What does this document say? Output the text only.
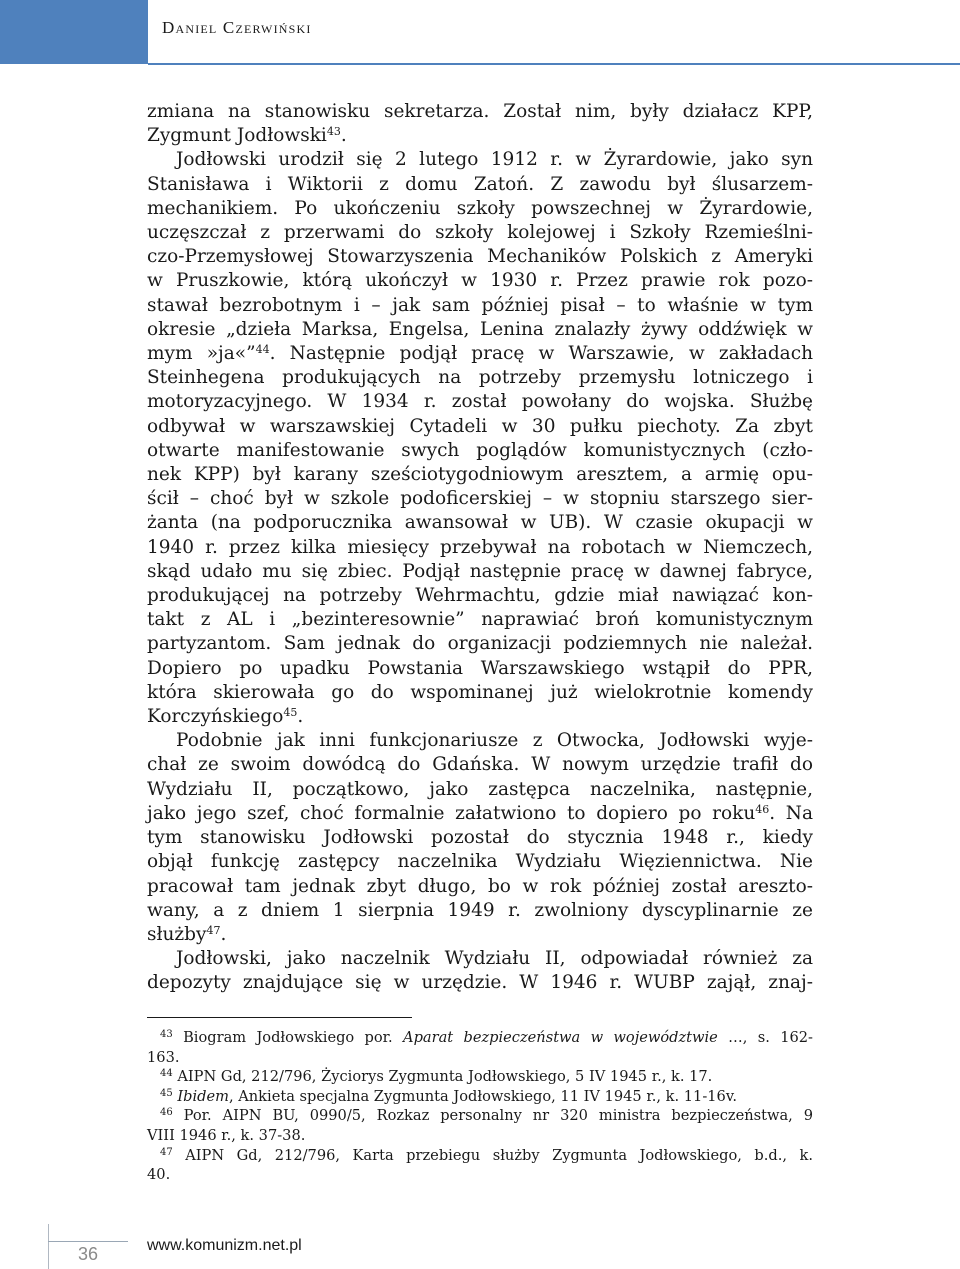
Daniel Czerwiński

zmiana na stanowisku sekretarza. Został nim, były działacz KPP,
Zygmunt Jodłowski$^{43}$.

Jodłowski urodził się 2 lutego 1912 r. w Żyrardowie, jako syn
Stanisława i Wiktorii z domu Zatoń. Z zawodu był ślusarzem-
mechanikiem. Po ukończeniu szkoły powszechnej w Żyrardowie,
uczęszczał z przerwami do szkoły kolejowej i Szkoły Rzemieślni-
czo-Przemysłowej Stowarzyszenia Mechaników Polskich z Ameryki
w Pruszkowie, którą ukończył w 1930 r. Przez prawie rok pozo-
stawał bezrobotnym i – jak sam później pisał – to właśnie w tym
okresie „dzieła Marksa, Engelsa, Lenina znalazły żywy oddźwięk w
mym »ja«”$^{44}$. Następnie podjął pracę w Warszawie, w zakładach
Steinhegena produkujących na potrzeby przemysłu lotniczego i
motoryzacyjnego. W 1934 r. został powołany do wojska. Służbę
odbywał w warszawskiej Cytadeli w 30 pułku piechoty. Za zbyt
otwarte manifestowanie swych poglądów komunistycznych (czło-
nek KPP) był karany sześciotygodniowym aresztem, a armię opu-
ścił – choć był w szkole podoficerskiej – w stopniu starszego sier-
żanta (na podporucznika awansował w UB). W czasie okupacji w
1940 r. przez kilka miesięcy przebywał na robotach w Niemczech,
skąd udało mu się zbiec. Podjął następnie pracę w dawnej fabryce,
produkującej na potrzeby Wehrmachtu, gdzie miał nawiązać kon-
takt z AL i „bezinteresownie” naprawiać broń komunistycznym
partyzantom. Sam jednak do organizacji podziemnych nie należał.
Dopiero po upadku Powstania Warszawskiego wstąpił do PPR,
która skierowała go do wspominanej już wielokrotnie komendy
Korczyńskiego$^{45}$.

Podobnie jak inni funkcjonariusze z Otwocka, Jodłowski wyje-
chał ze swoim dowódcą do Gdańska. W nowym urzędzie trafił do
Wydziału II, początkowo, jako zastępca naczelnika, następnie,
jako jego szef, choć formalnie załatwiono to dopiero po roku$^{46}$. Na
tym stanowisku Jodłowski pozostał do stycznia 1948 r., kiedy
objął funkcję zastępcy naczelnika Wydziału Więziennictwa. Nie
pracował tam jednak zbyt długo, bo w rok później został areszto-
wany, a z dniem 1 sierpnia 1949 r. zwolniony dyscyplinarnie ze
służby$^{47}$.

Jodłowski, jako naczelnik Wydziału II, odpowiadał również za
depozyty znajdujące się w urzędzie. W 1946 r. WUBP zajął, znaj-

$^{43}$ Biogram Jodłowskiego por. Aparat bezpieczeństwa w województwie …, s. 162-
163.
$^{44}$ AIPN Gd, 212/796, Życiorys Zygmunta Jodłowskiego, 5 IV 1945 r., k. 17.
$^{45}$ Ibidem, Ankieta specjalna Zygmunta Jodłowskiego, 11 IV 1945 r., k. 11-16v.
$^{46}$ Por. AIPN BU, 0990/5, Rozkaz personalny nr 320 ministra bezpieczeństwa, 9
VIII 1946 r., k. 37-38.
$^{47}$ AIPN Gd, 212/796, Karta przebiegu służby Zygmunta Jodłowskiego, b.d., k.
40.
36	www.komunizm.net.pl
